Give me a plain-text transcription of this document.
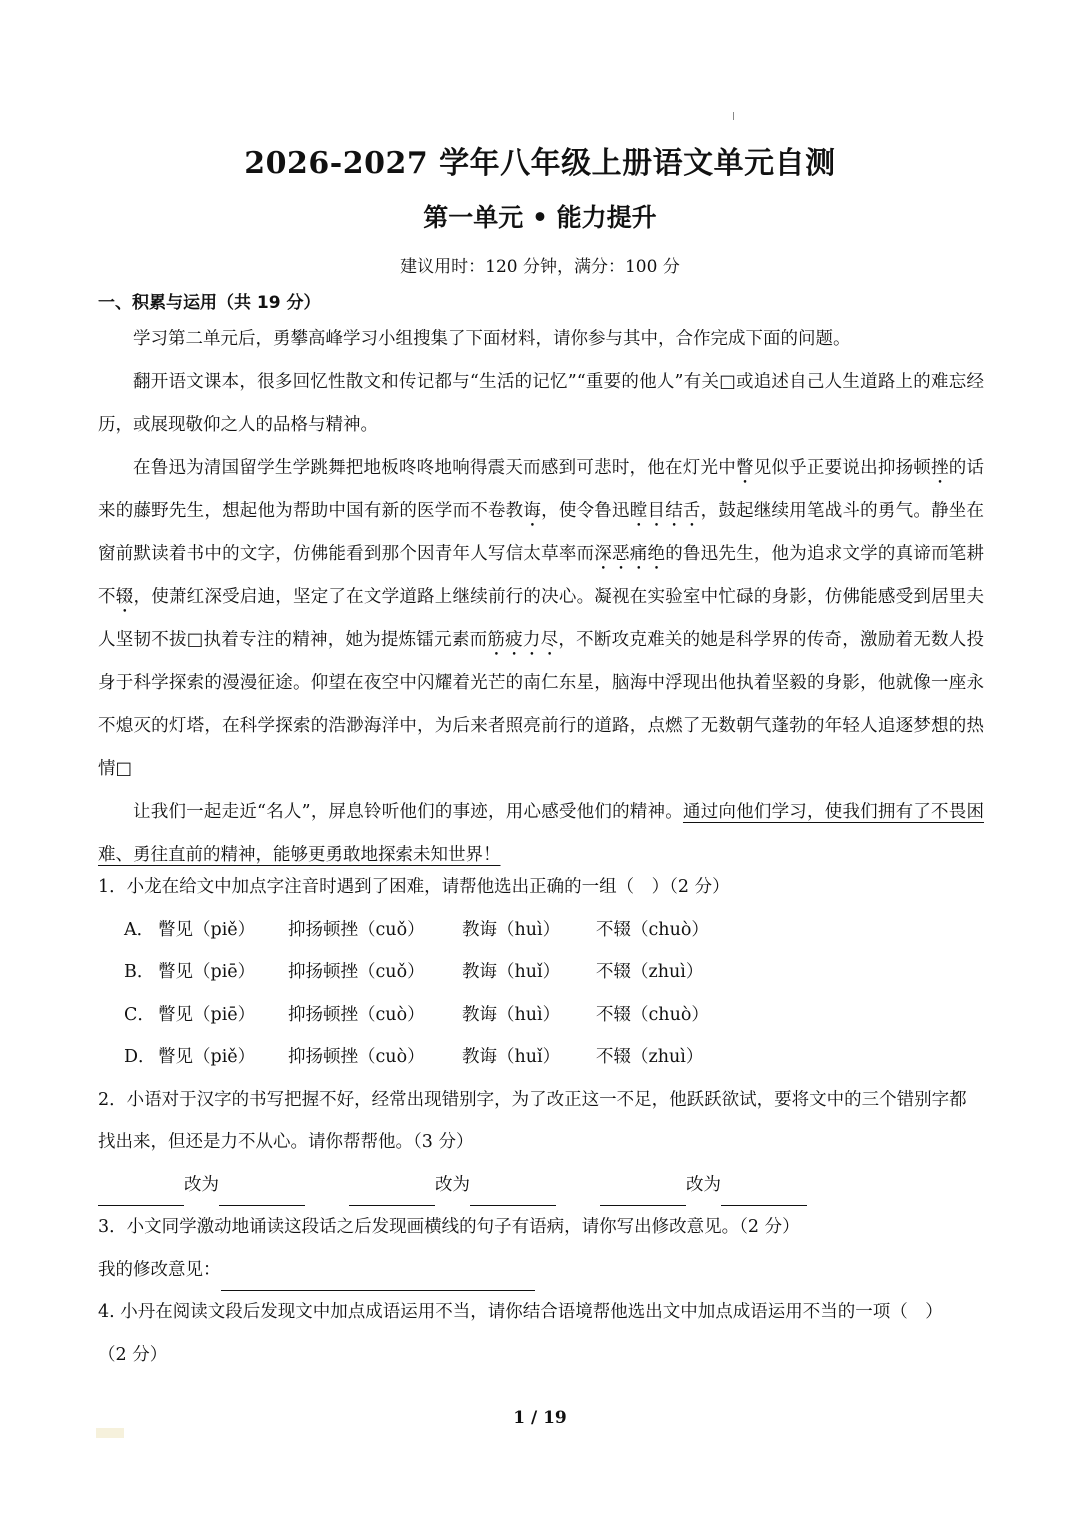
2026-2027 学年八年级上册语文单元自测
第一单元 • 能力提升
建议用时：120 分钟，满分：100 分
一、积累与运用（共 19 分）

学习第二单元后，勇攀高峰学习小组搜集了下面材料，请你参与其中，合作完成下面的问题。

翻开语文课本，很多回忆性散文和传记都与“生活的记忆”“重要的他人”有关□或追述自己人生道路上的难忘经历，或展现敬仰之人的品格与精神。

在鲁迅为清国留学生学跳舞把地板咚咚地响得震天而感到可悲时，他在灯光中瞥见似乎正要说出抑扬顿挫的话来的藤野先生，想起他为帮助中国有新的医学而不卷教诲，使令鲁迅瞠目结舌，鼓起继续用笔战斗的勇气。静坐在窗前默读着书中的文字，仿佛能看到那个因青年人写信太草率而深恶痛绝的鲁迅先生，他为追求文学的真谛而笔耕不辍，使萧红深受启迪，坚定了在文学道路上继续前行的决心。凝视在实验室中忙碌的身影，仿佛能感受到居里夫人坚韧不拔□执着专注的精神，她为提炼镭元素而筋疲力尽，不断攻克难关的她是科学界的传奇，激励着无数人投身于科学探索的漫漫征途。仰望在夜空中闪耀着光芒的南仁东星，脑海中浮现出他执着坚毅的身影，他就像一座永不熄灭的灯塔，在科学探索的浩渺海洋中，为后来者照亮前行的道路，点燃了无数朝气蓬勃的年轻人追逐梦想的热情□

让我们一起走近“名人”，屏息铃听他们的事迹，用心感受他们的精神。通过向他们学习，使我们拥有了不畏困难、勇往直前的精神，能够更勇敢地探索未知世界！

1．小龙在给文中加点字注音时遇到了困难，请帮他选出正确的一组（　）（2 分）

A． 瞥见（piě）	抑扬顿挫（cuǒ）	教诲（huì）	不辍（chuò）
B． 瞥见（piē）	抑扬顿挫（cuǒ）	教诲（huǐ）	不辍（zhuì）
C． 瞥见（piē）	抑扬顿挫（cuò）	教诲（huì）	不辍（chuò）
D． 瞥见（piě）	抑扬顿挫（cuò）	教诲（huǐ）	不辍（zhuì）

2．小语对于汉字的书写把握不好，经常出现错别字，为了改正这一不足，他跃跃欲试，要将文中的三个错别字都找出来，但还是力不从心。请你帮帮他。（3 分）

改为	改为	改为

3．小文同学激动地诵读这段话之后发现画横线的句子有语病，请你写出修改意见。（2 分）

我的修改意见：

4. 小丹在阅读文段后发现文中加点成语运用不当，请你结合语境帮他选出文中加点成语运用不当的一项（　）

（2 分）

1 / 19
